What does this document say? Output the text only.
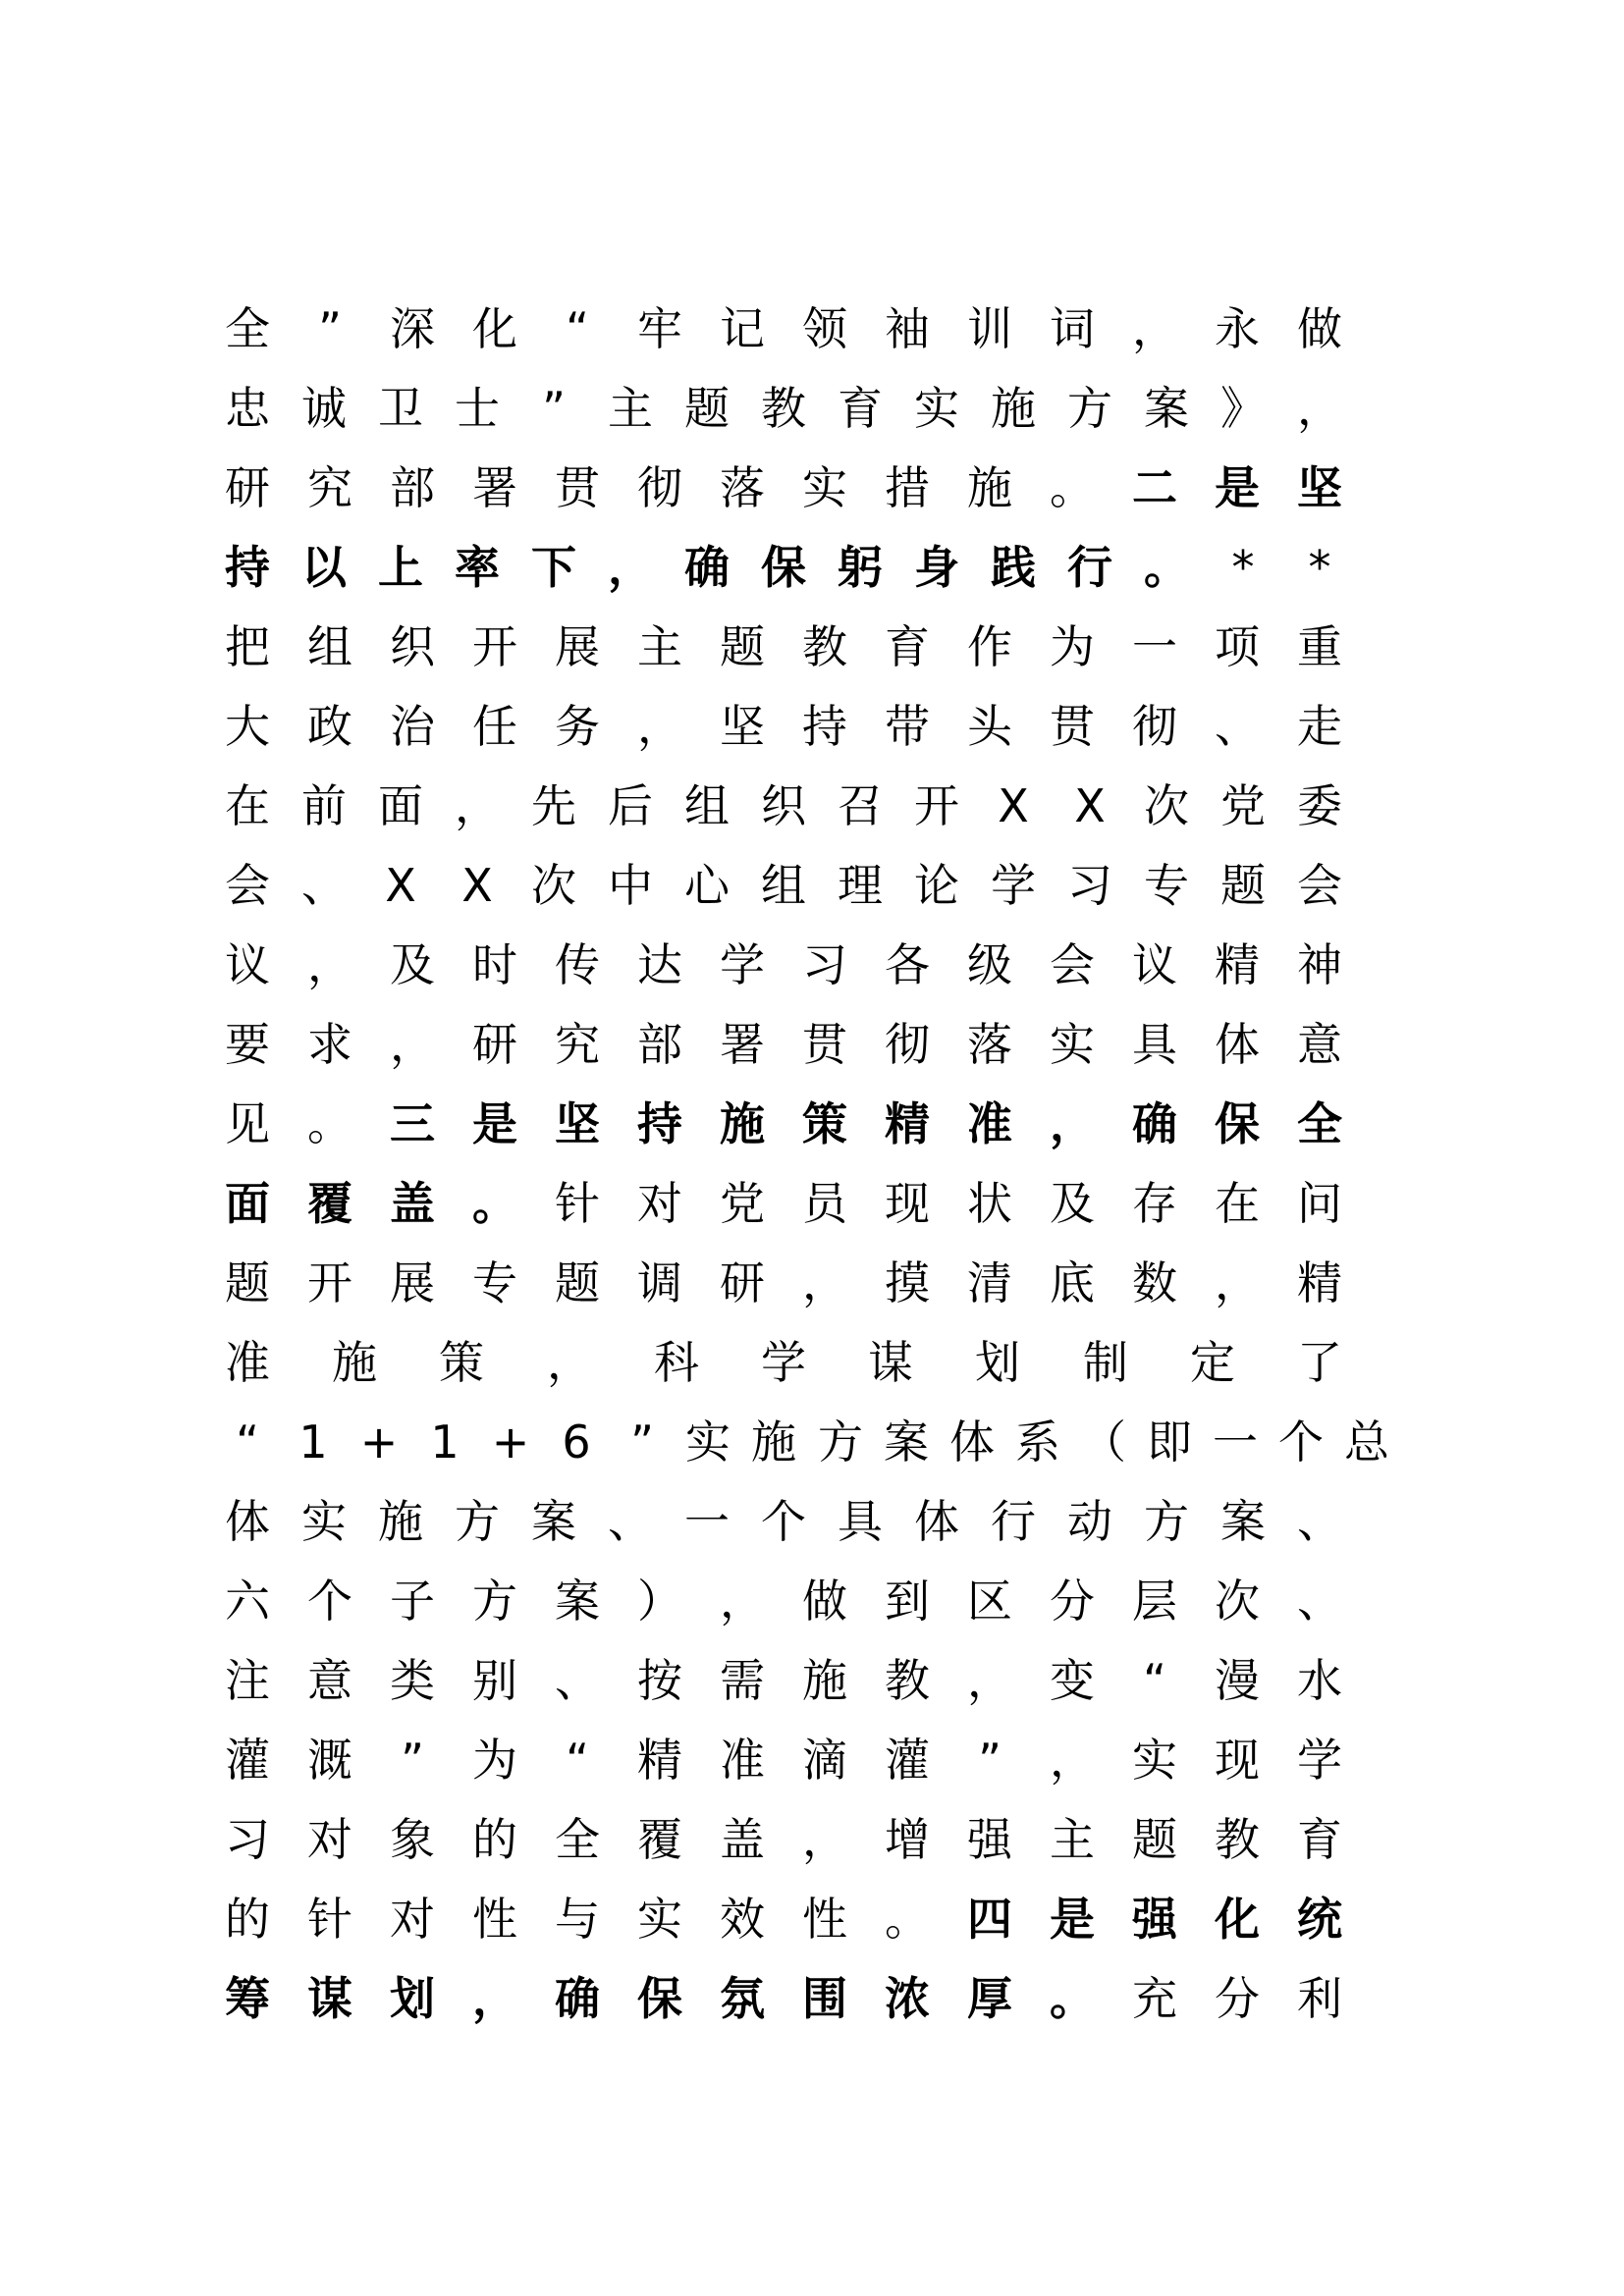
全	”	深 化	“	牢 记 领 袖 训 词 ， 永 做
忠 诚 卫 士 ” 主 题 教 育 实 施 方 案 》 ，
研 究 部 署 贯 彻 落 实 措 施 。 二 是 坚
持 以 上 率 下 ， 确 保 躬 身 践 行 。 *	*
把 组 织 开 展 主 题 教 育 作 为 一 项 重
大 政 治 任 务 ， 坚 持 带 头 贯 彻 、 走
在 前 面 ， 先 后 组 织 召 开 X	X 次 党 委
会 、 X	X 次 中 心 组 理 论 学 习 专 题 会
议 ， 及 时 传 达 学 习 各 级 会 议 精 神
要 求 ， 研 究 部 署 贯 彻 落 实 具 体 意
见 。 三 是 坚 持 施 策 精 准 ， 确 保 全
面 覆 盖 。 针 对 党 员 现 状 及 存 在 问
题 开 展 专 题 调 研 ， 摸 清 底 数 ， 精
准 施 策 ， 科 学 谋 划 制 定 了
“ 1 + 1 + 6 ” 实 施 方 案 体 系 （ 即 一 个 总
体 实 施 方 案 、 一 个 具 体 行 动 方 案 、
六 个 子 方 案 ） ， 做 到 区 分 层 次 、
注 意 类 别 、 按 需 施 教 ， 变	“	漫 水
灌 溉	”	为	“	精 准 滴 灌	”	， 实 现 学
习 对 象 的 全 覆 盖 ， 增 强 主 题 教 育
的 针 对 性 与 实 效 性 。 四 是 强 化 统
筹 谋 划 ， 确 保 氛 围 浓 厚 。 充 分 利
